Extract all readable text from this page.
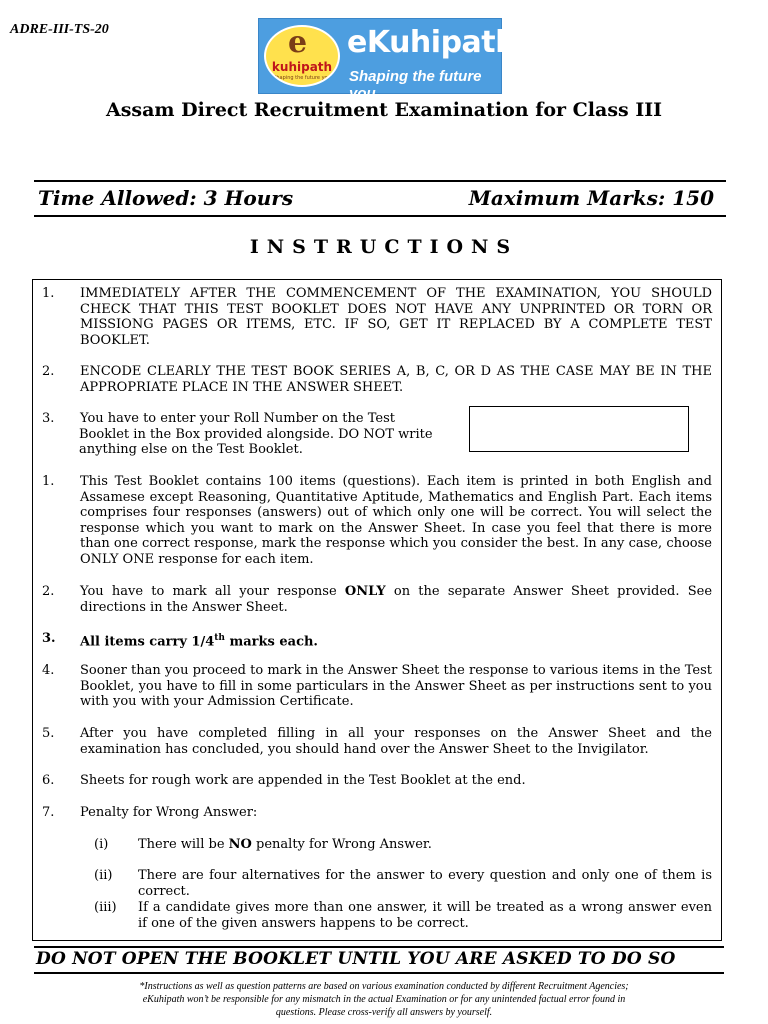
ADRE-III-TS-20	e
kuhipath
Shaping the future you
eKuhipath
Shaping the future you
Assam Direct Recruitment Examination for Class III
Time Allowed: 3 Hours	Maximum Marks: 150
INSTRUCTIONS
1. IMMEDIATELY AFTER THE COMMENCEMENT OF THE EXAMINATION, YOU SHOULD CHECK THAT THIS TEST BOOKLET DOES NOT HAVE ANY UNPRINTED OR TORN OR MISSIONG PAGES OR ITEMS, ETC. IF SO, GET IT REPLACED BY A COMPLETE TEST BOOKLET.
2. ENCODE CLEARLY THE TEST BOOK SERIES A, B, C, OR D AS THE CASE MAY BE IN THE APPROPRIATE PLACE IN THE ANSWER SHEET.
3. You have to enter your Roll Number on the Test
Booklet in the Box provided alongside. DO NOT write
anything else on the Test Booklet.
1. This Test Booklet contains 100 items (questions). Each item is printed in both English and Assamese except Reasoning, Quantitative Aptitude, Mathematics and English Part. Each items comprises four responses (answers) out of which only one will be correct. You will select the response which you want to mark on the Answer Sheet. In case you feel that there is more than one correct response, mark the response which you consider the best. In any case, choose ONLY ONE response for each item.
2. You have to mark all your response ONLY on the separate Answer Sheet provided. See directions in the Answer Sheet.
3. All items carry 1/4th marks each.
4. Sooner than you proceed to mark in the Answer Sheet the response to various items in the Test Booklet, you have to fill in some particulars in the Answer Sheet as per instructions sent to you with you with your Admission Certificate.
5. After you have completed filling in all your responses on the Answer Sheet and the examination has concluded, you should hand over the Answer Sheet to the Invigilator.
6. Sheets for rough work are appended in the Test Booklet at the end.
7. Penalty for Wrong Answer:
(i) There will be NO penalty for Wrong Answer.
(ii) There are four alternatives for the answer to every question and only one of them is correct.
(iii) If a candidate gives more than one answer, it will be treated as a wrong answer even if one of the given answers happens to be correct.
DO NOT OPEN THE BOOKLET UNTIL YOU ARE ASKED TO DO SO
*Instructions as well as question patterns are based on various examination conducted by different Recruitment Agencies;
eKuhipath won’t be responsible for any mismatch in the actual Examination or for any unintended factual error found in
questions. Please cross-verify all answers by yourself.
